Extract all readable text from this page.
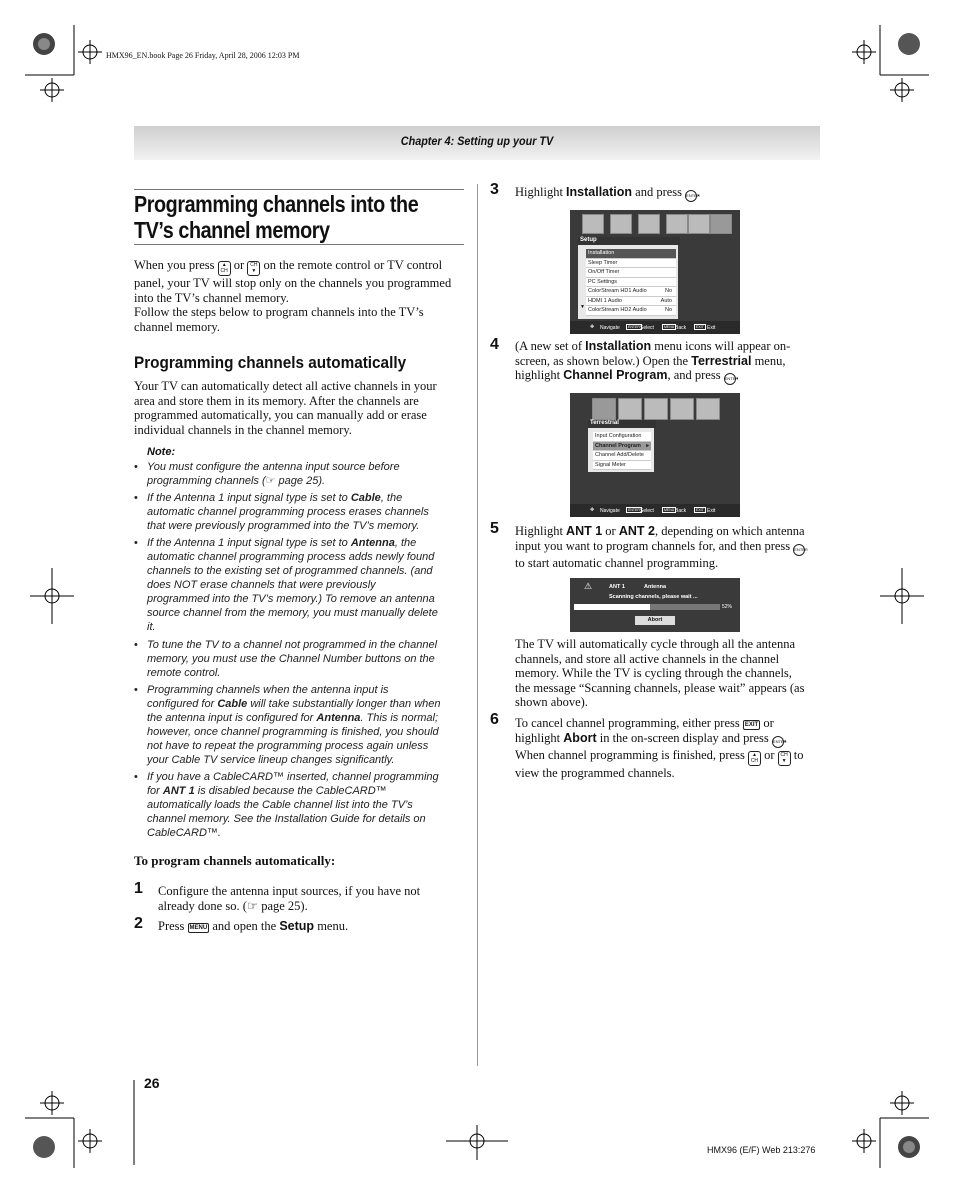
HMX96_EN.book Page 26 Friday, April 28, 2006 12:03 PM
Chapter 4: Setting up your TV
Programming channels into the
TV’s channel memory
When you press ▲
CH or CH
▼ on the remote control or TV control
panel, your TV will stop only on the channels you programmed
into the TV’s channel memory.
Follow the steps below to program channels into the TV’s
channel memory.
Programming channels automatically
Your TV can automatically detect all active channels in your
area and store them in its memory. After the channels are
programmed automatically, you can manually add or erase
individual channels in the channel memory.
Note:
• You must configure the antenna input source before
programming channels (☞ page 25).
• If the Antenna 1 input signal type is set to Cable, the
automatic channel programming process erases channels
that were previously programmed into the TV’s memory.
• If the Antenna 1 input signal type is set to Antenna, the
automatic channel programming process adds newly found
channels to the existing set of programmed channels. (and
does NOT erase channels that were previously
programmed into the TV’s memory.) To remove an antenna
source channel from the memory, you must manually delete
it.
• To tune the TV to a channel not programmed in the channel
memory, you must use the Channel Number buttons on the
remote control.
• Programming channels when the antenna input is
configured for Cable will take substantially longer than when
the antenna input is configured for Antenna. This is normal;
however, once channel programming is finished, you should
not have to repeat the programming process again unless
your Cable TV service lineup changes significantly.
• If you have a CableCARD™ inserted, channel programming
for ANT 1 is disabled because the CableCARD™
automatically loads the Cable channel list into the TV’s
channel memory. See the Installation Guide for details on
CableCARD™.
To program channels automatically:
1 Configure the antenna input sources, if you have not
already done so. (☞ page 25).
2 Press MENU and open the Setup menu.
3 Highlight Installation and press ENTER.
Setup
Installation
Sleep Timer
On/Off Timer
PC Settings
ColorStream HD1 Audio	No
HDMI 1 Audio	Auto
ColorStream HD2 Audio	No
▼
✥ Navigate	ENTER Select	MENU Back	EXIT Exit
4 (A new set of Installation menu icons will appear on-
screen, as shown below.) Open the Terrestrial menu,
highlight Channel Program, and press ENTER.
Terrestrial
Input Configuration
Channel Program ▸
Channel Add/Delete
Signal Meter
✥ Navigate	ENTER Select	MENU Back	EXIT Exit
5 Highlight ANT 1 or ANT 2, depending on which antenna
input you want to program channels for, and then press ENTER
to start automatic channel programming.
⚠	ANT 1	Antenna
Scanning channels, please wait ...
52%
Abort
The TV will automatically cycle through all the antenna
channels, and store all active channels in the channel
memory. While the TV is cycling through the channels,
the message “Scanning channels, please wait” appears (as
shown above).
6 To cancel channel programming, either press EXIT or
highlight Abort in the on-screen display and press ENTER.
When channel programming is finished, press ▲
CH or CH
▼ to
view the programmed channels.
26
HMX96 (E/F) Web 213:276
